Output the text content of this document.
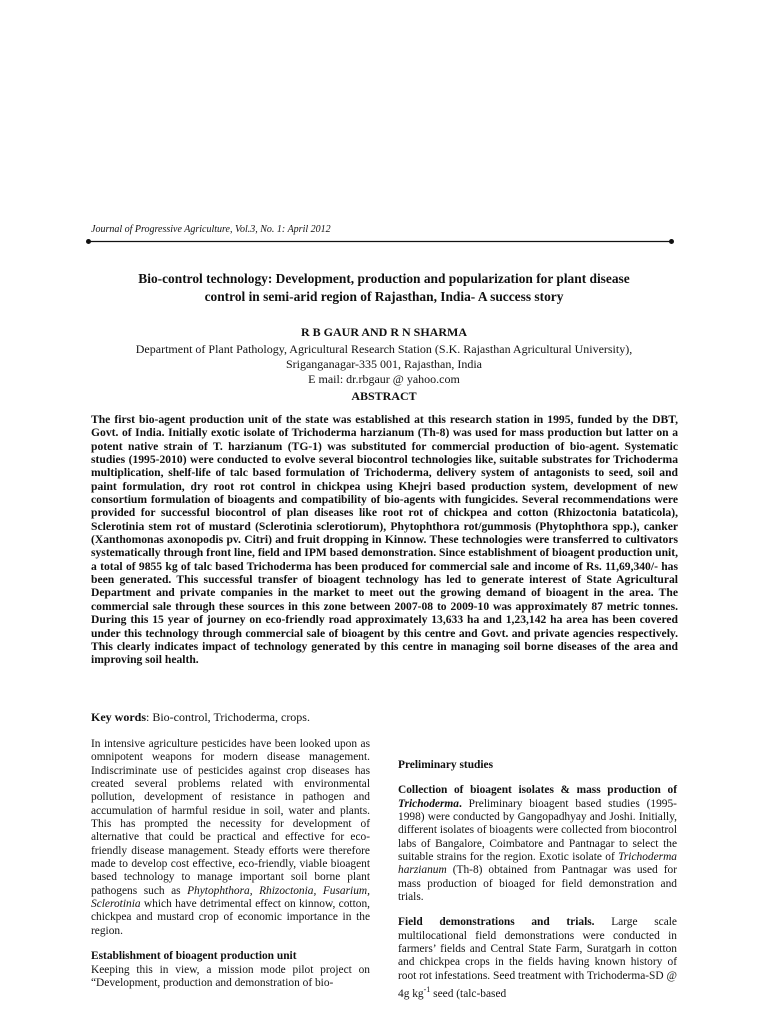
Journal of Progressive Agriculture, Vol.3, No. 1: April 2012
Bio-control technology: Development, production and popularization for plant disease
control in semi-arid region of Rajasthan, India- A success story
R B GAUR AND R N SHARMA
Department of Plant Pathology, Agricultural Research Station (S.K. Rajasthan Agricultural University),
Sriganganagar-335 001, Rajasthan, India
E mail: dr.rbgaur @ yahoo.com
ABSTRACT
The first bio-agent production unit of the state was established at this research station in 1995, funded by the DBT, Govt. of India. Initially exotic isolate of Trichoderma harzianum (Th-8) was used for mass production but latter on a potent native strain of T. harzianum (TG-1) was substituted for commercial production of bio-agent. Systematic studies (1995-2010) were conducted to evolve several biocontrol technologies like, suitable substrates for Trichoderma multiplication, shelf-life of talc based formulation of Trichoderma, delivery system of antagonists to seed, soil and paint formulation, dry root rot control in chickpea using Khejri based production system, development of new consortium formulation of bioagents and compatibility of bio-agents with fungicides. Several recommendations were provided for successful biocontrol of plan diseases like root rot of chickpea and cotton (Rhizoctonia bataticola), Sclerotinia stem rot of mustard (Sclerotinia sclerotiorum), Phytophthora rot/gummosis (Phytophthora spp.), canker (Xanthomonas axonopodis pv. Citri) and fruit dropping in Kinnow. These technologies were transferred to cultivators systematically through front line, field and IPM based demonstration. Since establishment of bioagent production unit, a total of 9855 kg of talc based Trichoderma has been produced for commercial sale and income of Rs. 11,69,340/- has been generated. This successful transfer of bioagent technology has led to generate interest of State Agricultural Department and private companies in the market to meet out the growing demand of bioagent in the area. The commercial sale through these sources in this zone between 2007-08 to 2009-10 was approximately 87 metric tonnes. During this 15 year of journey on eco-friendly road approximately 13,633 ha and 1,23,142 ha area has been covered under this technology through commercial sale of bioagent by this centre and Govt. and private agencies respectively. This clearly indicates impact of technology generated by this centre in managing soil borne diseases of the area and improving soil health.
Key words: Bio-control, Trichoderma, crops.

In intensive agriculture pesticides have been looked upon as omnipotent weapons for modern disease management. Indiscriminate use of pesticides against crop diseases has created several problems related with environmental pollution, development of resistance in pathogen and accumulation of harmful residue in soil, water and plants. This has prompted the necessity for development of alternative that could be practical and effective for eco-friendly disease management. Steady efforts were therefore made to develop cost effective, eco-friendly, viable bioagent based technology to manage important soil borne plant pathogens such as Phytophthora, Rhizoctonia, Fusarium, Sclerotinia which have detrimental effect on kinnow, cotton, chickpea and mustard crop of economic importance in the region.

Establishment of bioagent production unit
Keeping this in view, a mission mode pilot project on “Development, production and demonstration of bio-

Preliminary studies

Collection of bioagent isolates & mass production of Trichoderma. Preliminary bioagent based studies (1995-1998) were conducted by Gangopadhyay and Joshi. Initially, different isolates of bioagents were collected from biocontrol labs of Bangalore, Coimbatore and Pantnagar to select the suitable strains for the region. Exotic isolate of Trichoderma harzianum (Th-8) obtained from Pantnagar was used for mass production of bioaged for field demonstration and trials.

Field demonstrations and trials. Large scale multilocational field demonstrations were conducted in farmers’ fields and Central State Farm, Suratgarh in cotton and chickpea crops in the fields having known history of root rot infestations. Seed treatment with Trichoderma-SD @ 4g $kg^{-1}$ seed (talc-based
